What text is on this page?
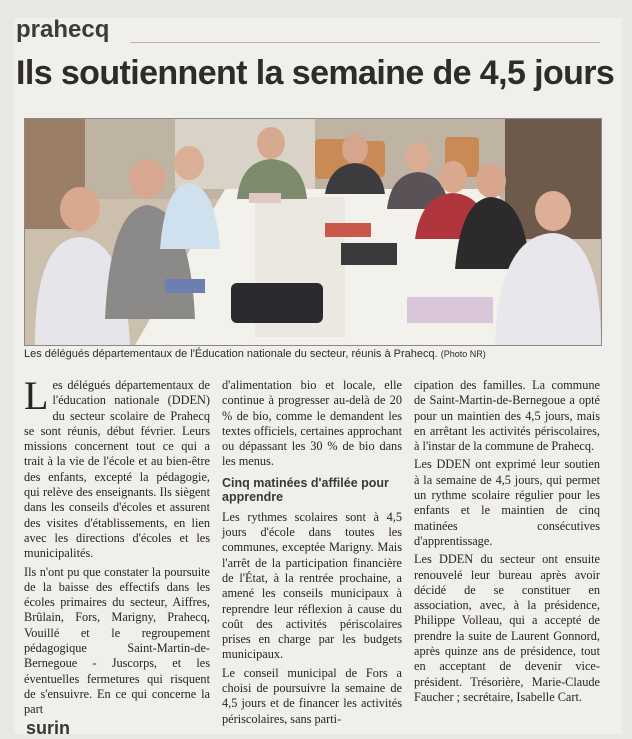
prahecq
Ils soutiennent la semaine de 4,5 jours
Les délégués départementaux de l'Éducation nationale du secteur, réunis à Prahecq. (Photo NR)

Les délégués départementaux de l'éducation nationale (DDEN) du secteur scolaire de Prahecq se sont réunis, début février. Leurs missions concernent tout ce qui a trait à la vie de l'école et au bien-être des enfants, excepté la pédagogie, qui relève des enseignants. Ils siègent dans les conseils d'écoles et assurent des visites d'établissements, en lien avec les directions d'écoles et les municipalités.

Ils n'ont pu que constater la poursuite de la baisse des effectifs dans les écoles primaires du secteur, Aiffres, Brûlain, Fors, Marigny, Prahecq, Vouillé et le regroupement pédagogique Saint-Martin-de-Bernegoue - Juscorps, et les éventuelles fermetures qui risquent de s'ensuivre. En ce qui concerne la part

d'alimentation bio et locale, elle continue à progresser au-delà de 20 % de bio, comme le demandent les textes officiels, certaines approchant ou dépassant les 30 % de bio dans les menus.

Cinq matinées d'affilée pour apprendre

Les rythmes scolaires sont à 4,5 jours d'école dans toutes les communes, exceptée Marigny. Mais l'arrêt de la participation financière de l'État, à la rentrée prochaine, a amené les conseils municipaux à reprendre leur réflexion à cause du coût des activités périscolaires prises en charge par les budgets municipaux.

Le conseil municipal de Fors a choisi de poursuivre la semaine de 4,5 jours et de financer les activités périscolaires, sans parti-

cipation des familles. La commune de Saint-Martin-de-Bernegoue a opté pour un maintien des 4,5 jours, mais en arrêtant les activités périscolaires, à l'instar de la commune de Prahecq.

Les DDEN ont exprimé leur soutien à la semaine de 4,5 jours, qui permet un rythme scolaire régulier pour les enfants et le maintien de cinq matinées consécutives d'apprentissage.

Les DDEN du secteur ont ensuite renouvelé leur bureau après avoir décidé de se constituer en association, avec, à la présidence, Philippe Volleau, qui a accepté de prendre la suite de Laurent Gonnord, après quinze ans de présidence, tout en acceptant de devenir vice-président. Trésorière, Marie-Claude Faucher ; secrétaire, Isabelle Cart.

surin
